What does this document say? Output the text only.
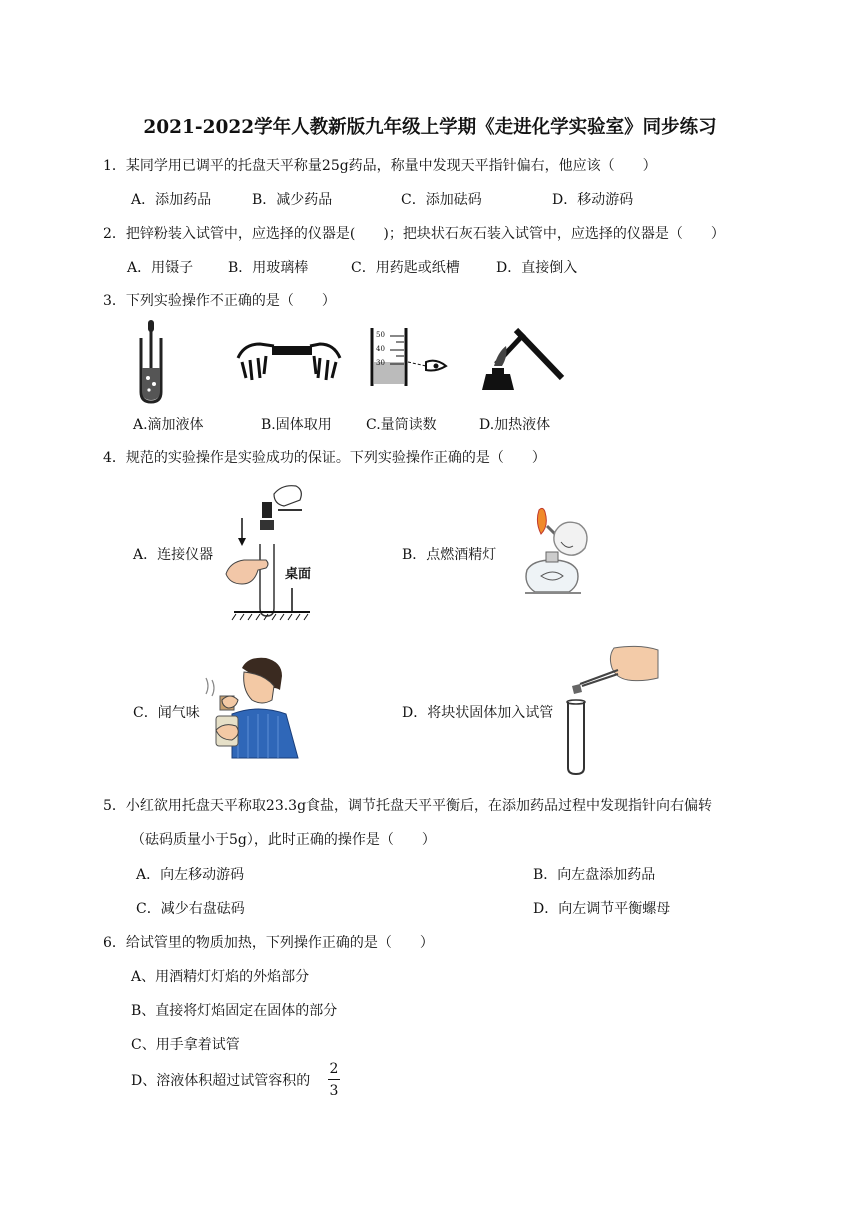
2021-2022学年人教新版九年级上学期《走进化学实验室》同步练习
1．某同学用已调平的托盘天平称量25g药品，称量中发现天平指针偏右，他应该（　　）
A．添加药品	B．减少药品	C．添加砝码	D．移动游码
2．把锌粉装入试管中，应选择的仪器是(　　)；把块状石灰石装入试管中，应选择的仪器是（　　）
A．用镊子 B．用玻璃棒	C．用药匙或纸槽	D．直接倒入
3．下列实验操作不正确的是（　　）
50
40
30
A.滴加液体	B.固体取用 C.量筒读数	D.加热液体
4．规范的实验操作是实验成功的保证。下列实验操作正确的是（　　）
A．连接仪器
桌面
B．点燃酒精灯
C．闻气味	D．将块状固体加入试管
5．小红欲用托盘天平称取23.3g食盐，调节托盘天平平衡后，在添加药品过程中发现指针向右偏转
（砝码质量小于5g），此时正确的操作是（　　）
A．向左移动游码	B．向左盘添加药品
C．减少右盘砝码	D．向左调节平衡螺母
6．给试管里的物质加热，下列操作正确的是（　　）
A、用酒精灯灯焰的外焰部分
B、直接将灯焰固定在固体的部分
C、用手拿着试管
D、溶液体积超过试管容积的
2
3
